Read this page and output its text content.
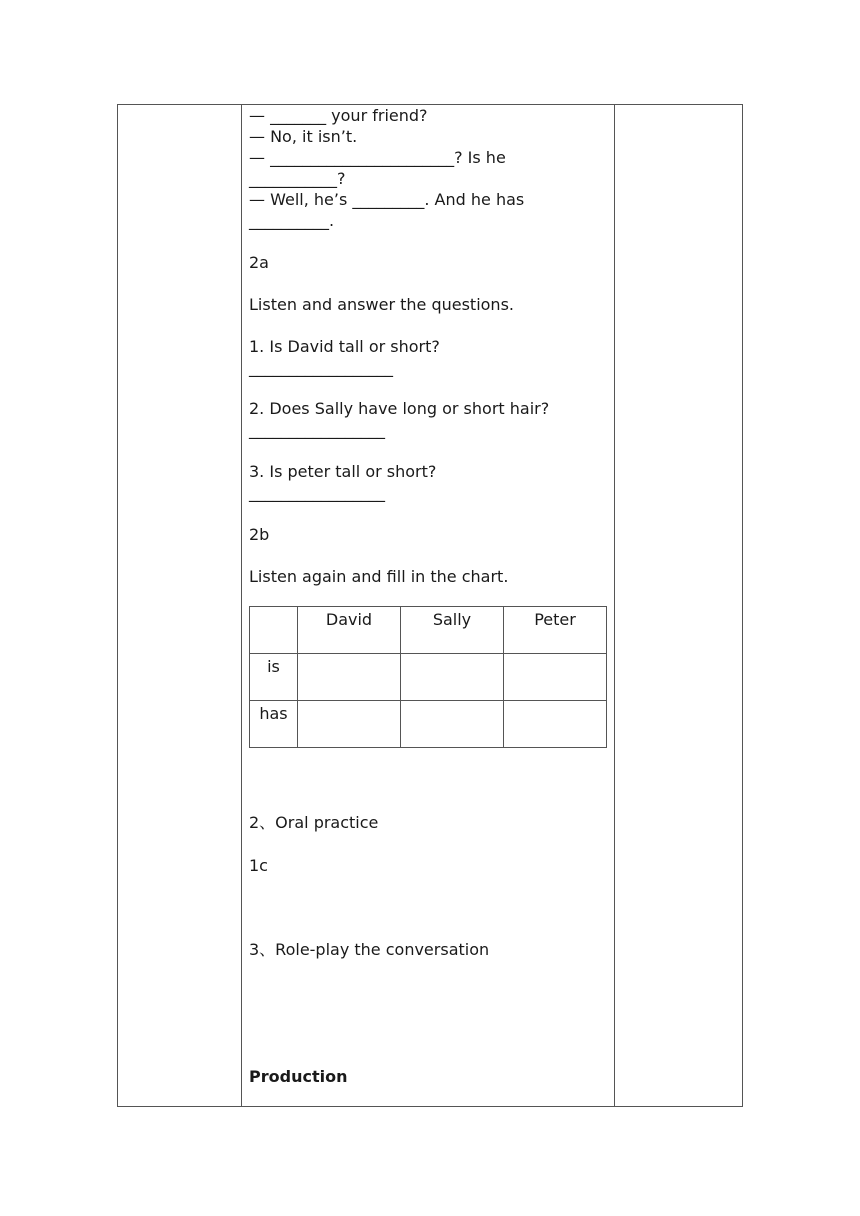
— _______ your friend?

— No, it isn’t.

— _______________________? Is he

___________?

— Well, he’s _________. And he has

__________.

2a

Listen and answer the questions.

1. Is David tall or short?

__________________

2. Does Sally have long or short hair?

_________________

3. Is peter tall or short?

_________________

2b

Listen again and fill in the chart.

	David	Sally	Peter
is			
has			

2、Oral practice

1c

3、Role-play the conversation

Production
